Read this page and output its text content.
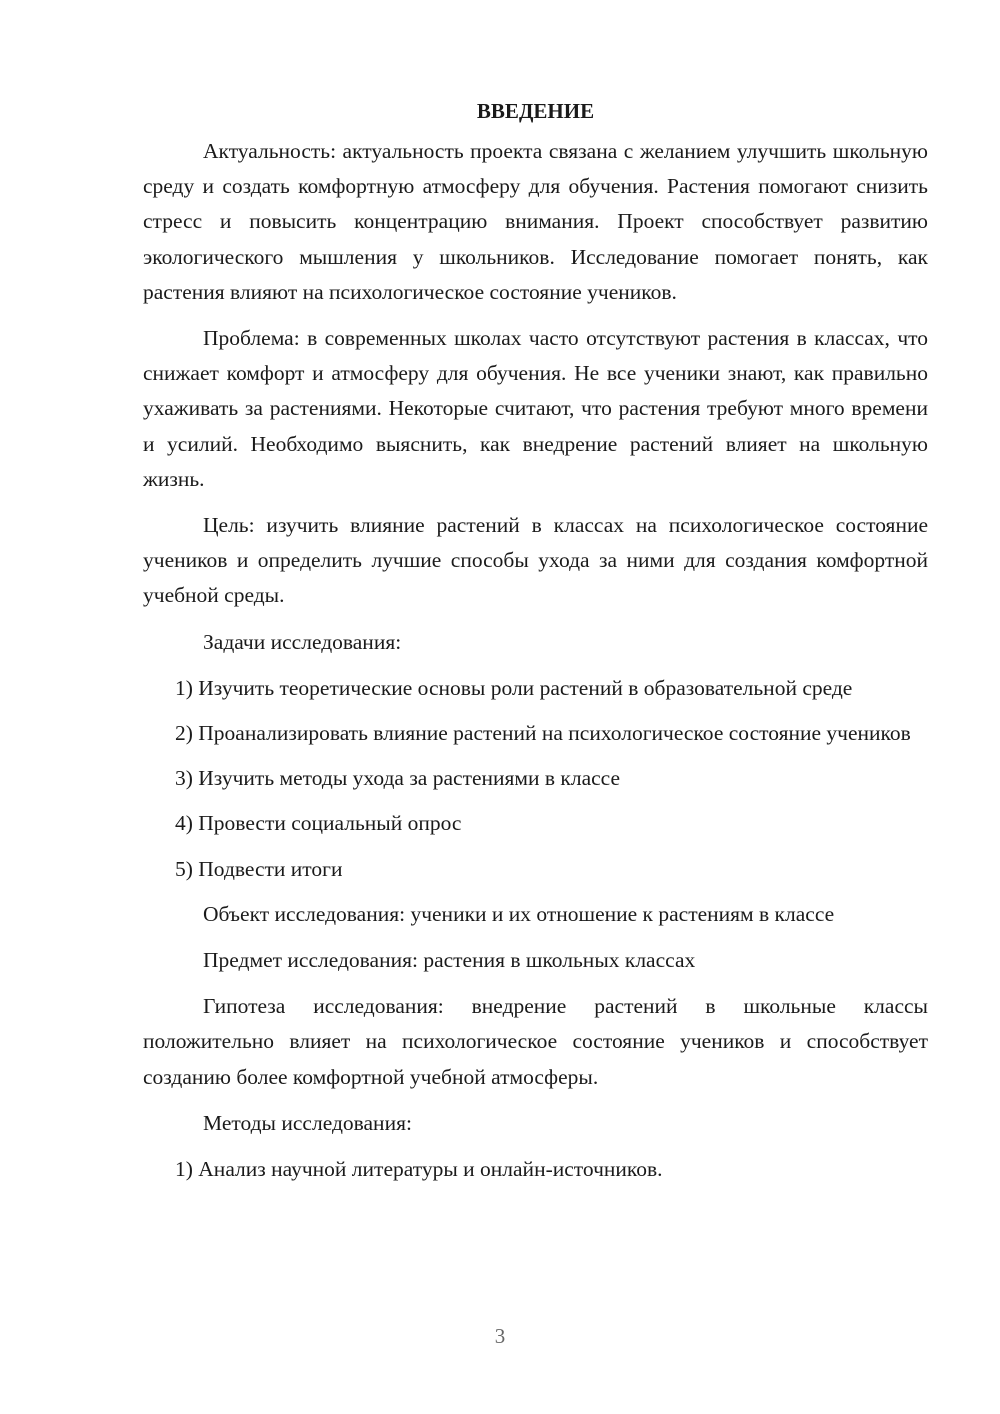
ВВЕДЕНИЕ

Актуальность: актуальность проекта связана с желанием улучшить школьную среду и создать комфортную атмосферу для обучения. Растения помогают снизить стресс и повысить концентрацию внимания. Проект способствует развитию экологического мышления у школьников. Исследование помогает понять, как растения влияют на психологическое состояние учеников.

Проблема: в современных школах часто отсутствуют растения в классах, что снижает комфорт и атмосферу для обучения. Не все ученики знают, как правильно ухаживать за растениями. Некоторые считают, что растения требуют много времени и усилий. Необходимо выяснить, как внедрение растений влияет на школьную жизнь.

Цель: изучить влияние растений в классах на психологическое состояние учеников и определить лучшие способы ухода за ними для создания комфортной учебной среды.

Задачи исследования:

1) Изучить теоретические основы роли растений в образовательной среде

2) Проанализировать влияние растений на психологическое состояние учеников

3) Изучить методы ухода за растениями в классе

4) Провести социальный опрос

5) Подвести итоги

Объект исследования: ученики и их отношение к растениям в классе

Предмет исследования: растения в школьных классах

Гипотеза исследования: внедрение растений в школьные классы положительно влияет на психологическое состояние учеников и способствует созданию более комфортной учебной атмосферы.

Методы исследования:

1) Анализ научной литературы и онлайн-источников.

3
